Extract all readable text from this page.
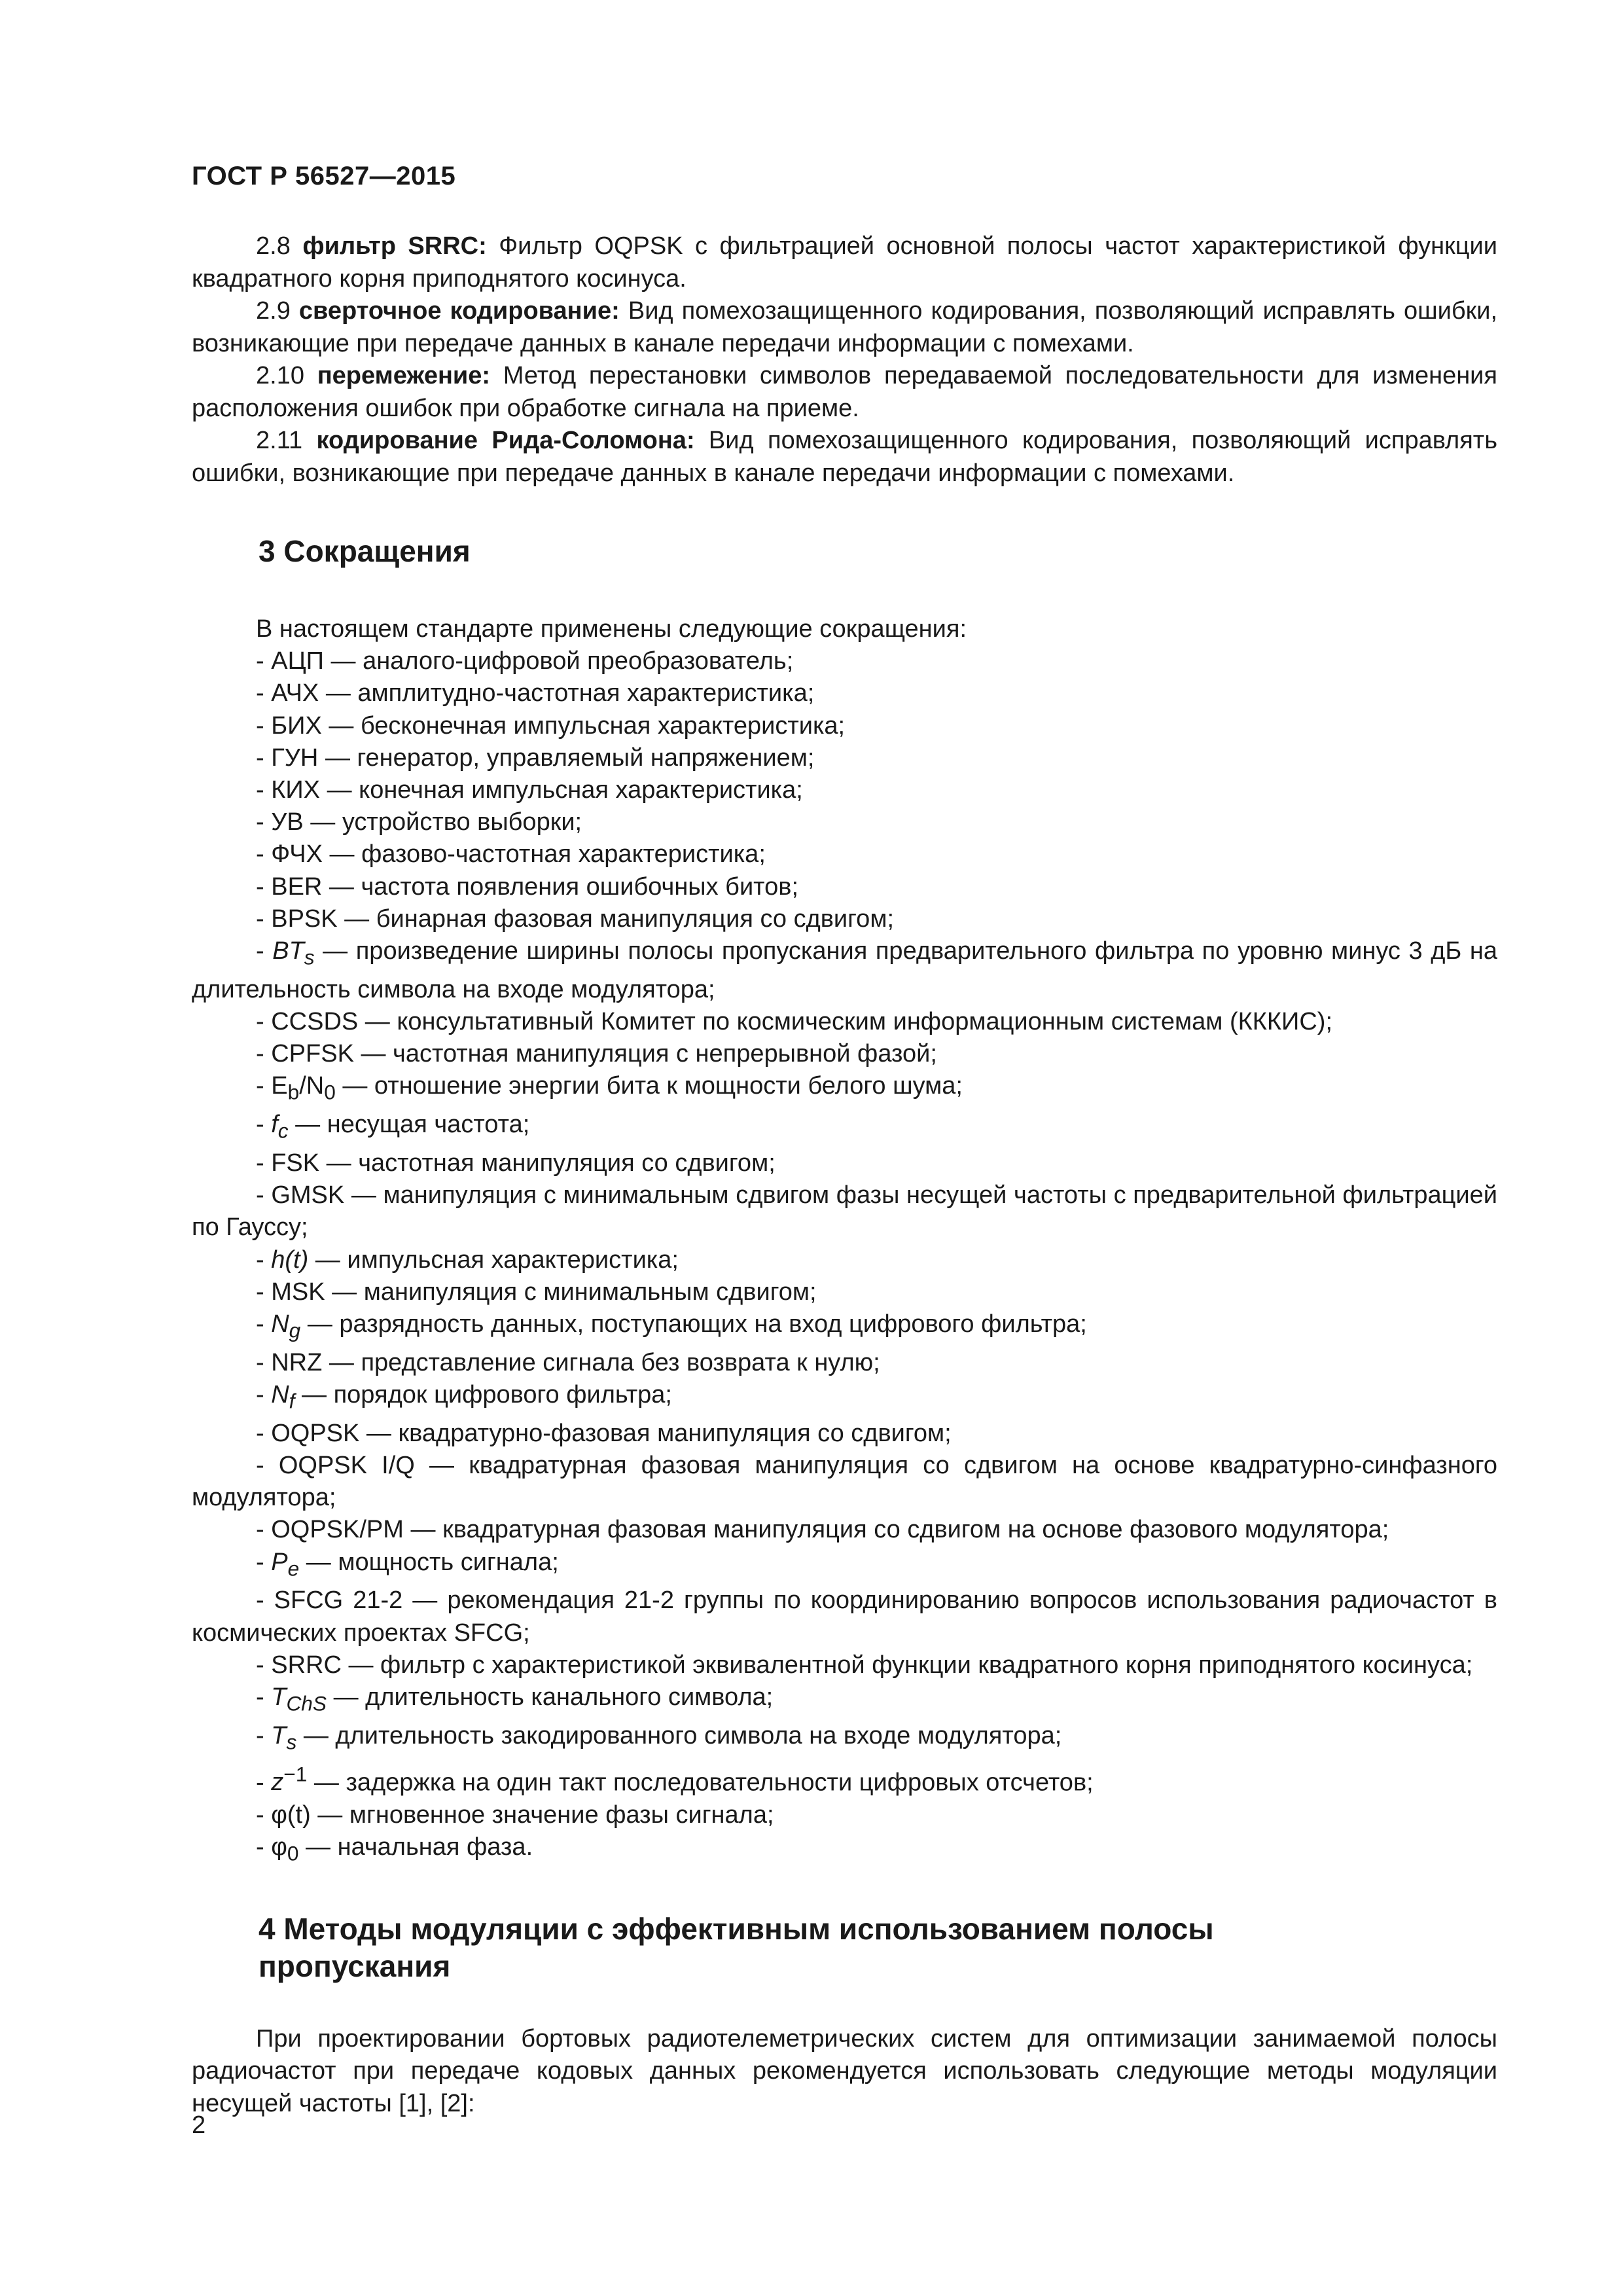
ГОСТ Р 56527—2015

2.8 фильтр SRRC: Фильтр OQPSK с фильтрацией основной полосы частот характеристикой функции квадратного корня приподнятого косинуса.

2.9 сверточное кодирование: Вид помехозащищенного кодирования, позволяющий исправлять ошибки, возникающие при передаче данных в канале передачи информации с помехами.

2.10 перемежение: Метод перестановки символов передаваемой последовательности для изменения расположения ошибок при обработке сигнала на приеме.

2.11 кодирование Рида-Соломона: Вид помехозащищенного кодирования, позволяющий исправлять ошибки, возникающие при передаче данных в канале передачи информации с помехами.

3 Сокращения

В настоящем стандарте применены следующие сокращения:

- АЦП — аналого-цифровой преобразователь;

- АЧХ — амплитудно-частотная характеристика;

- БИХ — бесконечная импульсная характеристика;

- ГУН — генератор, управляемый напряжением;

- КИХ — конечная импульсная характеристика;

- УВ — устройство выборки;

- ФЧХ — фазово-частотная характеристика;

- BER — частота появления ошибочных битов;

- BPSK — бинарная фазовая манипуляция со сдвигом;

- $BT_s$ — произведение ширины полосы пропускания предварительного фильтра по уровню минус 3 дБ на длительность символа на входе модулятора;

- CCSDS — консультативный Комитет по космическим информационным системам (КККИС);

- CPFSK — частотная манипуляция с непрерывной фазой;

- $E_b/N_0$ — отношение энергии бита к мощности белого шума;

- $f_c$ — несущая частота;

- FSK — частотная манипуляция со сдвигом;

- GMSK — манипуляция с минимальным сдвигом фазы несущей частоты с предварительной фильтрацией по Гауссу;

- h(t) — импульсная характеристика;

- MSK — манипуляция с минимальным сдвигом;

- $N_g$ — разрядность данных, поступающих на вход цифрового фильтра;

- NRZ — представление сигнала без возврата к нулю;

- $N_f$ — порядок цифрового фильтра;

- OQPSK — квадратурно-фазовая манипуляция со сдвигом;

- OQPSK I/Q — квадратурная фазовая манипуляция со сдвигом на основе квадратурно-синфазного модулятора;

- OQPSK/PM — квадратурная фазовая манипуляция со сдвигом на основе фазового модулятора;

- $P_e$ — мощность сигнала;

- SFCG 21-2 — рекомендация 21-2 группы по координированию вопросов использования радиочастот в космических проектах SFCG;

- SRRC — фильтр с характеристикой эквивалентной функции квадратного корня приподнятого косинуса;

- $T_{ChS}$ — длительность канального символа;

- $T_s$ — длительность закодированного символа на входе модулятора;

- $z^{-1}$ — задержка на один такт последовательности цифровых отсчетов;

- φ(t) — мгновенное значение фазы сигнала;

- $\varphi_0$ — начальная фаза.

4 Методы модуляции с эффективным использованием полосы
пропускания

При проектировании бортовых радиотелеметрических систем для оптимизации занимаемой полосы радиочастот при передаче кодовых данных рекомендуется использовать следующие методы модуляции несущей частоты [1], [2]:

2
